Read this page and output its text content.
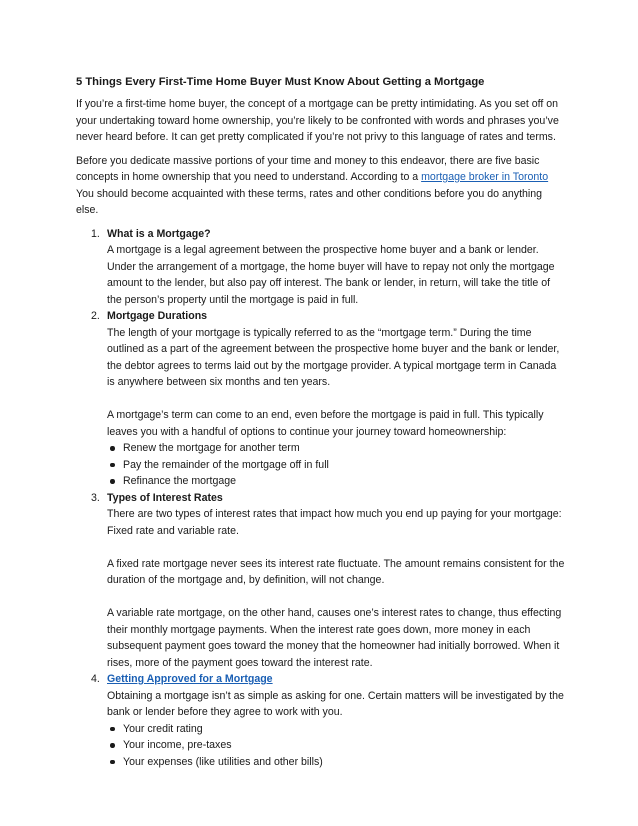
5 Things Every First-Time Home Buyer Must Know About Getting a Mortgage

If you’re a first-time home buyer, the concept of a mortgage can be pretty intimidating. As you set off on your undertaking toward home ownership, you’re likely to be confronted with words and phrases you’ve never heard before. It can get pretty complicated if you’re not privy to this language of rates and terms.

Before you dedicate massive portions of your time and money to this endeavor, there are five basic concepts in home ownership that you need to understand. According to a mortgage broker in Toronto You should become acquainted with these terms, rates and other conditions before you do anything else.

1. What is a Mortgage?

A mortgage is a legal agreement between the prospective home buyer and a bank or lender. Under the arrangement of a mortgage, the home buyer will have to repay not only the mortgage amount to the lender, but also pay off interest. The bank or lender, in return, will take the title of the person’s property until the mortgage is paid in full.

2. Mortgage Durations

The length of your mortgage is typically referred to as the “mortgage term.” During the time outlined as a part of the agreement between the prospective home buyer and the bank or lender, the debtor agrees to terms laid out by the mortgage provider. A typical mortgage term in Canada is anywhere between six months and ten years.

A mortgage’s term can come to an end, even before the mortgage is paid in full. This typically leaves you with a handful of options to continue your journey toward homeownership:

Renew the mortgage for another term
Pay the remainder of the mortgage off in full
Refinance the mortgage
3. Types of Interest Rates

There are two types of interest rates that impact how much you end up paying for your mortgage: Fixed rate and variable rate.

A fixed rate mortgage never sees its interest rate fluctuate. The amount remains consistent for the duration of the mortgage and, by definition, will not change.

A variable rate mortgage, on the other hand, causes one’s interest rates to change, thus effecting their monthly mortgage payments. When the interest rate goes down, more money in each subsequent payment goes toward the money that the homeowner had initially borrowed. When it rises, more of the payment goes toward the interest rate.

4. Getting Approved for a Mortgage

Obtaining a mortgage isn’t as simple as asking for one. Certain matters will be investigated by the bank or lender before they agree to work with you.

Your credit rating
Your income, pre-taxes
Your expenses (like utilities and other bills)
